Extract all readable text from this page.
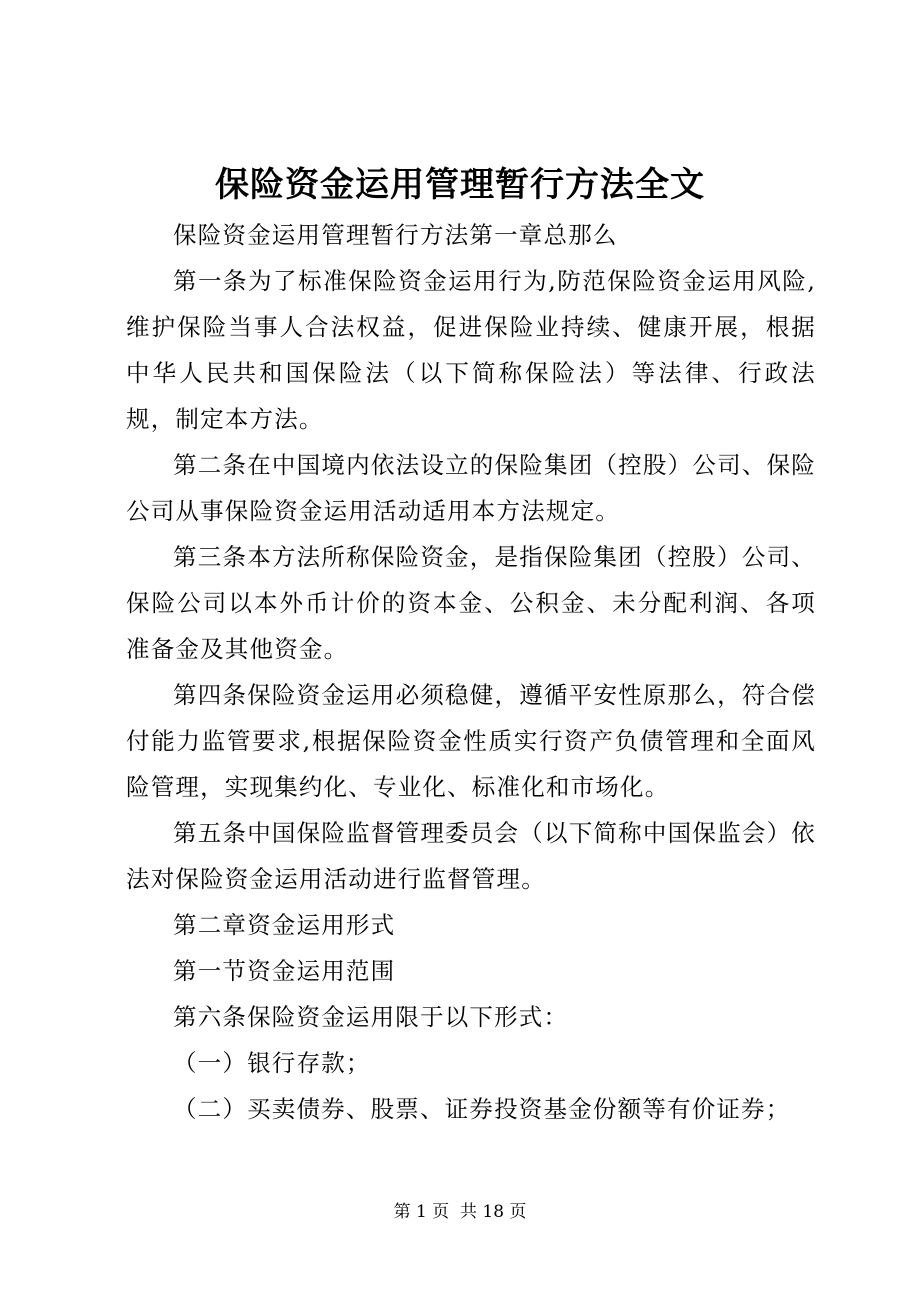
保险资金运用管理暂行方法全文

保险资金运用管理暂行方法第一章总那么

第一条为了标准保险资金运用行为,防范保险资金运用风险,维护保险当事人合法权益，促进保险业持续、健康开展，根据中华人民共和国保险法（以下简称保险法）等法律、行政法规，制定本方法。

第二条在中国境内依法设立的保险集团（控股）公司、保险公司从事保险资金运用活动适用本方法规定。

第三条本方法所称保险资金，是指保险集团（控股）公司、保险公司以本外币计价的资本金、公积金、未分配利润、各项准备金及其他资金。

第四条保险资金运用必须稳健，遵循平安性原那么，符合偿付能力监管要求,根据保险资金性质实行资产负债管理和全面风险管理，实现集约化、专业化、标准化和市场化。

第五条中国保险监督管理委员会（以下简称中国保监会）依法对保险资金运用活动进行监督管理。

第二章资金运用形式

第一节资金运用范围

第六条保险资金运用限于以下形式：

（一）银行存款；

（二）买卖债券、股票、证券投资基金份额等有价证券；

第 1 页  共 18 页
